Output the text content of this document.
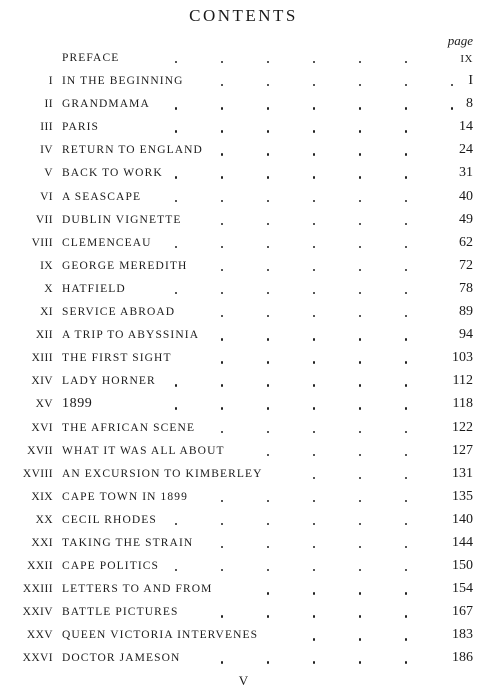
CONTENTS
page
PREFACE	IX
I IN THE BEGINNING	I
II GRANDMAMA	8
III PARIS	14
IV RETURN TO ENGLAND	24
V BACK TO WORK	31
VI A SEASCAPE	40
VII DUBLIN VIGNETTE	49
VIII CLEMENCEAU	62
IX GEORGE MEREDITH	72
X HATFIELD	78
XI SERVICE ABROAD	89
XII A TRIP TO ABYSSINIA	94
XIII THE FIRST SIGHT	103
XIV LADY HORNER	112
XV 1899	118
XVI THE AFRICAN SCENE	122
XVII WHAT IT WAS ALL ABOUT	127
XVIII AN EXCURSION TO KIMBERLEY	131
XIX CAPE TOWN IN 1899	135
XX CECIL RHODES	140
XXI TAKING THE STRAIN	144
XXII CAPE POLITICS	150
XXIII LETTERS TO AND FROM	154
XXIV BATTLE PICTURES	167
XXV QUEEN VICTORIA INTERVENES	183
XXVI DOCTOR JAMESON	186
V
